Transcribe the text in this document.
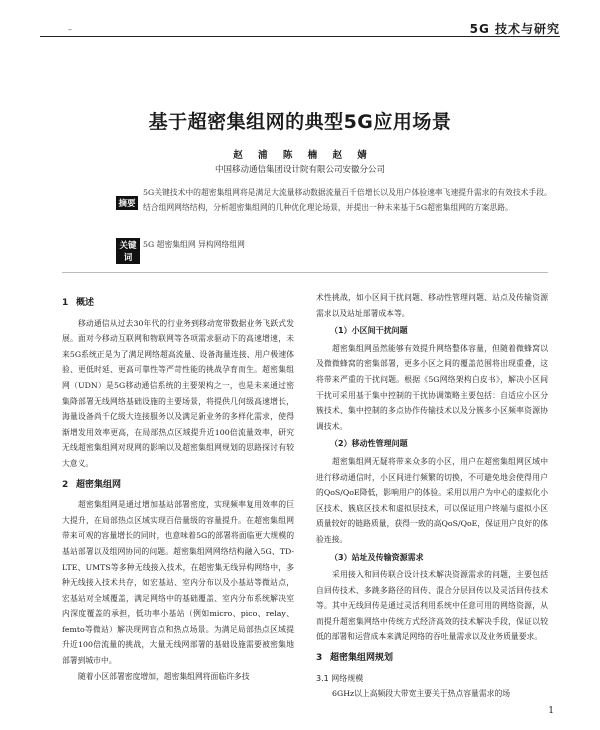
–	5G 技术与研究
基于超密集组网的典型5G应用场景
赵 浦 陈 楠 赵 婧
中国移动通信集团设计院有限公司安徽分公司
摘要
5G关键技术中的超密集组网将是满足大流量移动数据流量百千倍增长以及用户体验速率飞速提升需求的有效技术手段。结合组网网络结构，分析超密集组网的几种优化理论场景，并提出一种未来基于5G超密集组网的方案思路。
关键词
5G 超密集组网 异构网络组网
1 概述
移动通信从过去30年代的行业务到移动宽带数据业务飞跃式发展。面对今移动互联网和物联网等各项需求驱动下的高速增速，未来5G系统正是为了满足网络超高流量、设备海量连接、用户极速体验、更低时延、更高可靠性等严苛性能的挑战孕育而生。超密集组网（UDN）是5G移动通信系统的主要架构之一，也是未来通过密集降部署无线网络基础设施的主要场景，将提供几何级高速增长，海量设备尚千亿级大连接服务以及满足新业务的多样化需求，使得渐增发用效率更高，在局部热点区域提升近100倍流量效率，研究无线超密集组网对现网的影响以及超密集组网规划的思路探讨有较大意义。
2 超密集组网
超密集组网是通过增加基站部署密度，实现频率复用效率的巨大提升，在局部热点区域实现百倍量级的容量提升。在超密集组网带来可观的容量增长的同时，也意味着5G的部署将面临更大规模的基站部署以及组网协同的问题。超密集组网网络结构融入5G、TD-LTE、UMTS等多种无线接入技术，在超密集无线异构网络中，多种无线接入技术共存，如宏基站、室内分布以及小基站等微站点，宏基站对全域覆盖，满足网络中的基础覆盖、室内分布系统解决室内深度覆盖的承担，低功率小基站（例如micro、pico、relay、femto等微站）解决现网盲点和热点场景。为满足局部热点区域提升近100倍流量的挑战，大量无线网部署的基础设施需要被密集地部署到城市中。
随着小区部署密度增加，超密集组网将面临许多技
术性挑战，如小区间干扰问题、移动性管理问题、站点及传输资源需求以及站址部署成本等。
（1）小区间干扰问题
超密集组网虽然能够有效提升网络整体容量，但随着微蜂窝以及微微蜂窝的密集部署，更多小区之间的覆盖范围将出现重叠，这将带来严重的干扰问题。根据《5G网络架构白皮书》，解决小区间干扰可采用基于集中控制的干扰协调策略主要包括：自适应小区分簇技术、集中控制的多点协作传输技术以及分簇多小区频率资源协调技术。
（2）移动性管理问题
超密集组网无疑将带来众多的小区，用户在超密集组网区域中进行移动通信时，小区间进行频繁的切换，不可避免地会使得用户的QoS/QoE降低，影响用户的体验。采用以用户为中心的虚拟化小区技术、簇底区技术和虚拟层技术，可以保证用户终端与虚拟小区质量较好的链路质量，获得一致的高QoS/QoE，保证用户良好的体验连接。
（3）站址及传输资源需求
采用接入和回传联合设计技术解决资源需求的问题，主要包括自回传技术、多跳多路径的回传、混合分层回传以及灵活回传技术等。其中无线回传是通过灵活利用系统中任意可用的网络资源，从而提升超密集网络中传统方式经济高效的技术解决手段，保证以较低的部署和运营成本来满足网络的吞吐量需求以及业务质量要求。
3 超密集组网规划
3.1 网络规模
6GHz以上高频段大带宽主要关于热点容量需求的场
1
